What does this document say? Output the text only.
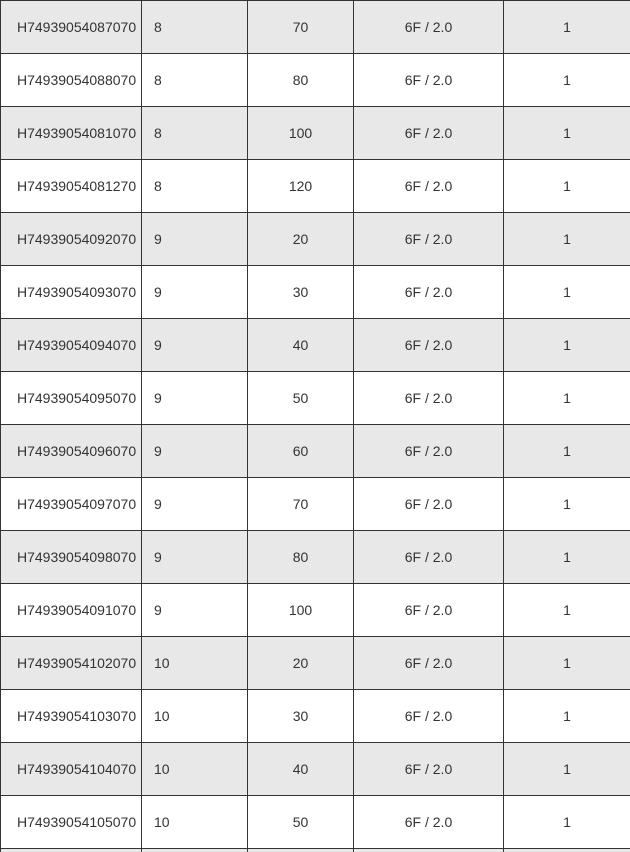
H74939054087070	8	70	6F / 2.0	1
H74939054088070	8	80	6F / 2.0	1
H74939054081070	8	100	6F / 2.0	1
H74939054081270	8	120	6F / 2.0	1
H74939054092070	9	20	6F / 2.0	1
H74939054093070	9	30	6F / 2.0	1
H74939054094070	9	40	6F / 2.0	1
H74939054095070	9	50	6F / 2.0	1
H74939054096070	9	60	6F / 2.0	1
H74939054097070	9	70	6F / 2.0	1
H74939054098070	9	80	6F / 2.0	1
H74939054091070	9	100	6F / 2.0	1
H74939054102070	10	20	6F / 2.0	1
H74939054103070	10	30	6F / 2.0	1
H74939054104070	10	40	6F / 2.0	1
H74939054105070	10	50	6F / 2.0	1
